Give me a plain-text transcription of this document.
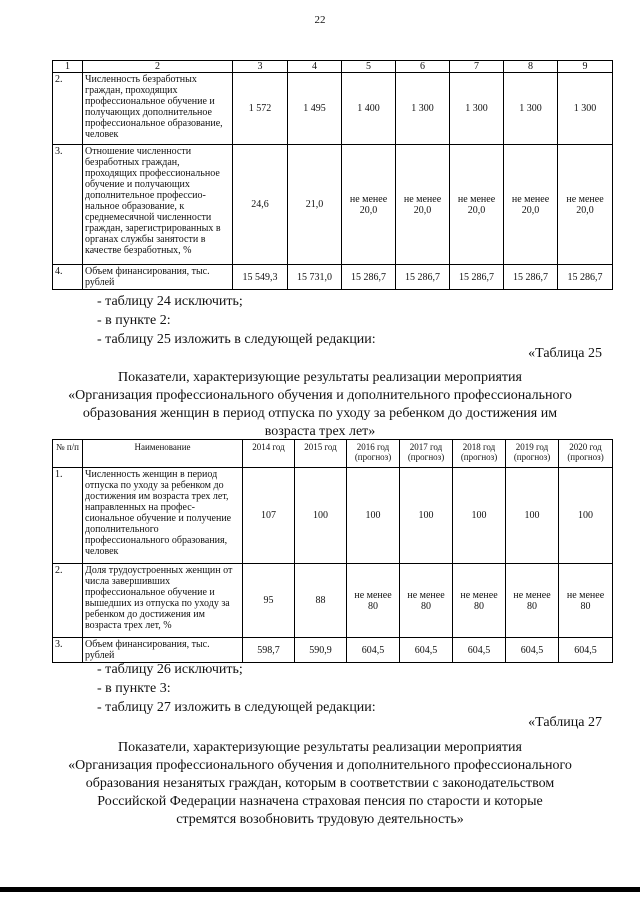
22
1	2	3	4	5	6	7	8	9
2.	Численность безработных граждан, проходящих профессиональное обучение и получающих дополнительное профессиональное образование, человек	1 572	1 495	1 400	1 300	1 300	1 300	1 300
3.	Отношение численности безработных граждан, проходящих профессиональное обучение и получающих дополнительное профессио-нальное образование, к среднемесячной численности граждан, зарегистрированных в органах службы занятости в качестве безработных, %	24,6	21,0	не менее 20,0	не менее 20,0	не менее 20,0	не менее 20,0	не менее 20,0
4.	Объем финансирования, тыс. рублей	15 549,3	15 731,0	15 286,7	15 286,7	15 286,7	15 286,7	15 286,7
- таблицу 24 исключить;
- в пункте 2:
- таблицу 25 изложить в следующей редакции:
«Таблица 25
Показатели, характеризующие результаты реализации мероприятия
«Организация профессионального обучения и дополнительного профессионального
образования женщин в период отпуска по уходу за ребенком до достижения им
возраста трех лет»
№ п/п	Наименование	2014 год	2015 год	2016 год (прогноз)	2017 год (прогноз)	2018 год (прогноз)	2019 год (прогноз)	2020 год (прогноз)
1.	Численность женщин в период отпуска по уходу за ребенком до достижения им возраста трех лет, направленных на профес-сиональное обучение и получение дополнительного профессионального образования, человек	107	100	100	100	100	100	100
2.	Доля трудоустроенных женщин от числа завершивших профессиональное обучение и вышедших из отпуска по уходу за ребенком до достижения им возраста трех лет, %	95	88	не менее 80	не менее 80	не менее 80	не менее 80	не менее 80
3.	Объем финансирования, тыс. рублей	598,7	590,9	604,5	604,5	604,5	604,5	604,5
- таблицу 26 исключить;
- в пункте 3:
- таблицу 27 изложить в следующей редакции:
«Таблица 27
Показатели, характеризующие результаты реализации мероприятия
«Организация профессионального обучения и дополнительного профессионального
образования незанятых граждан, которым в соответствии с законодательством
Российской Федерации назначена страховая пенсия по старости и которые
стремятся возобновить трудовую деятельность»
